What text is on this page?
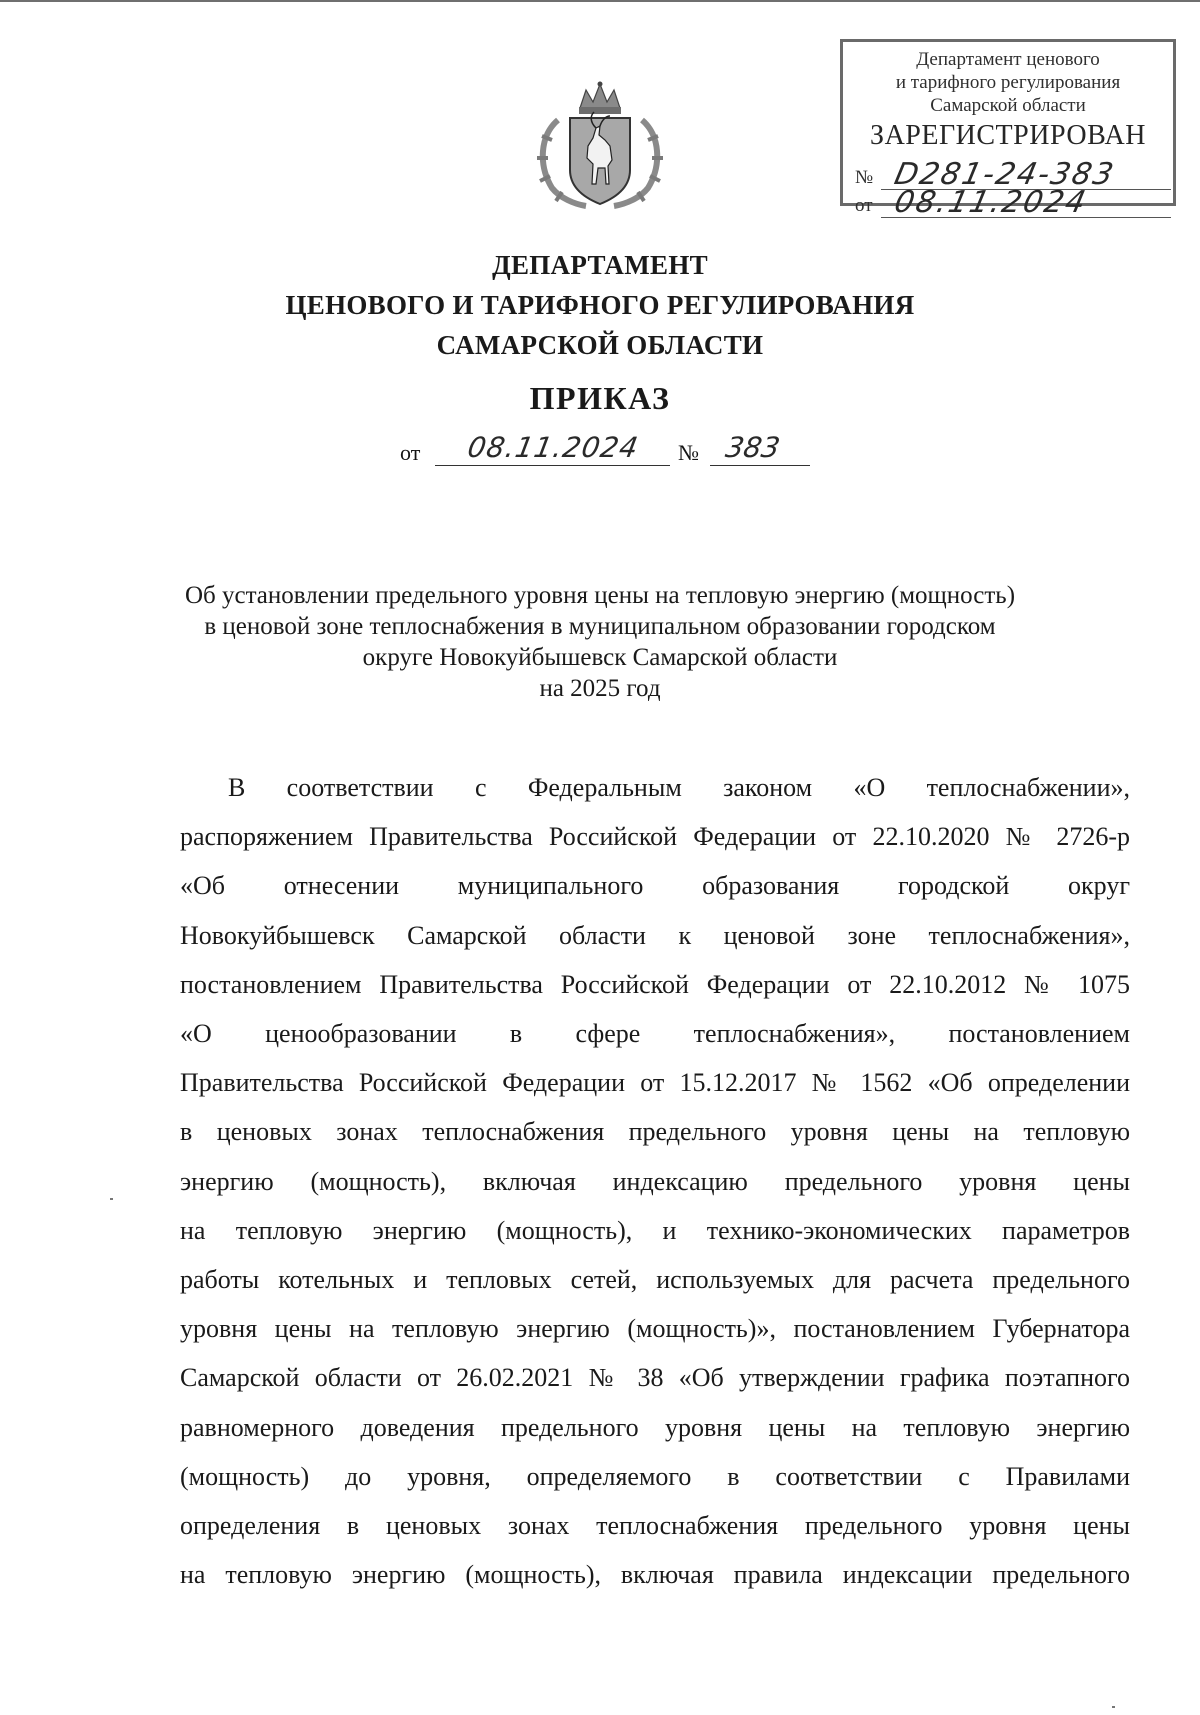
Департамент ценового
и тарифного регулирования
Самарской области
ЗАРЕГИСТРИРОВАН
№ D281-24-383
от 08.11.2024
ДЕПАРТАМЕНТ
ЦЕНОВОГО И ТАРИФНОГО РЕГУЛИРОВАНИЯ
САМАРСКОЙ ОБЛАСТИ
ПРИКАЗ
от 08.11.2024 № 383
Об установлении предельного уровня цены на тепловую энергию (мощность)
в ценовой зоне теплоснабжения в муниципальном образовании городском
округе Новокуйбышевск Самарской области
на 2025 год
В соответствии с Федеральным законом «О теплоснабжении»,
распоряжением Правительства Российской Федерации от 22.10.2020 № 2726-р
«Об отнесении муниципального образования городской округ
Новокуйбышевск Самарской области к ценовой зоне теплоснабжения»,
постановлением Правительства Российской Федерации от 22.10.2012 № 1075
«О ценообразовании в сфере теплоснабжения», постановлением
Правительства Российской Федерации от 15.12.2017 № 1562 «Об определении
в ценовых зонах теплоснабжения предельного уровня цены на тепловую
энергию (мощность), включая индексацию предельного уровня цены
на тепловую энергию (мощность), и технико-экономических параметров
работы котельных и тепловых сетей, используемых для расчета предельного
уровня цены на тепловую энергию (мощность)», постановлением Губернатора
Самарской области от 26.02.2021 № 38 «Об утверждении графика поэтапного
равномерного доведения предельного уровня цены на тепловую энергию
(мощность) до уровня, определяемого в соответствии с Правилами
определения в ценовых зонах теплоснабжения предельного уровня цены
на тепловую энергию (мощность), включая правила индексации предельного
